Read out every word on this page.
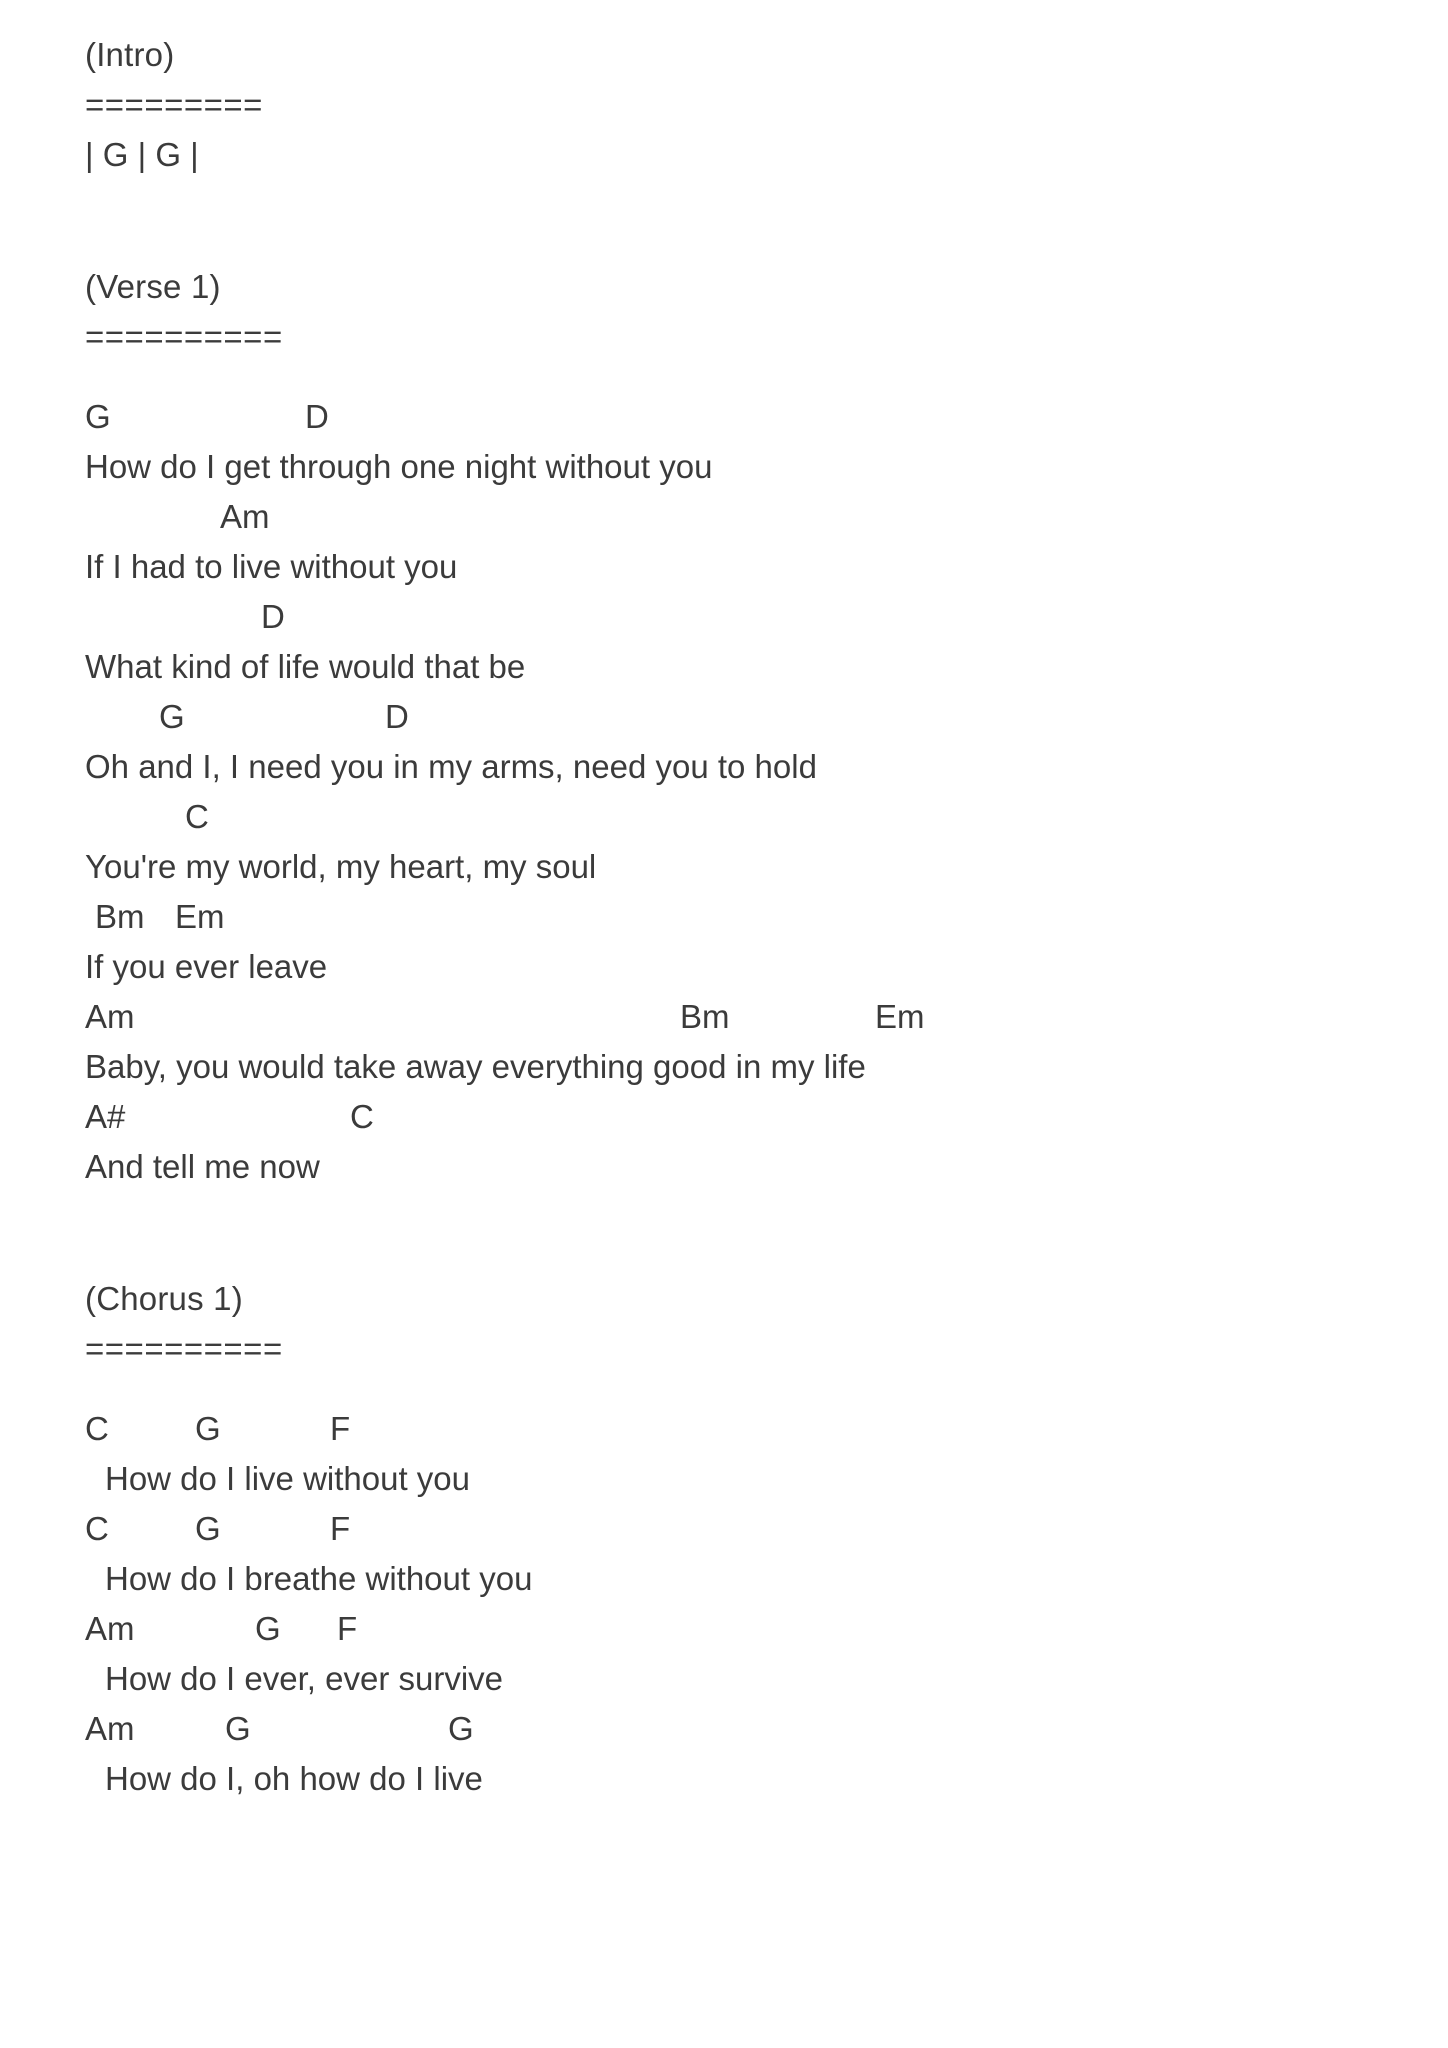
(Intro)
=========
| G | G |
(Verse 1)
==========
G	D
How do I get through one night without you
Am
If I had to live without you
D
What kind of life would that be
G	D
Oh and I, I need you in my arms, need you to hold
C
You're my world, my heart, my soul
Bm Em
If you ever leave
Am	Bm	Em
Baby, you would take away everything good in my life
A#	C
And tell me now
(Chorus 1)
==========
C	G	F
How do I live without you
C	G	F
How do I breathe without you
Am	G F
How do I ever, ever survive
Am	G	G
How do I, oh how do I live
